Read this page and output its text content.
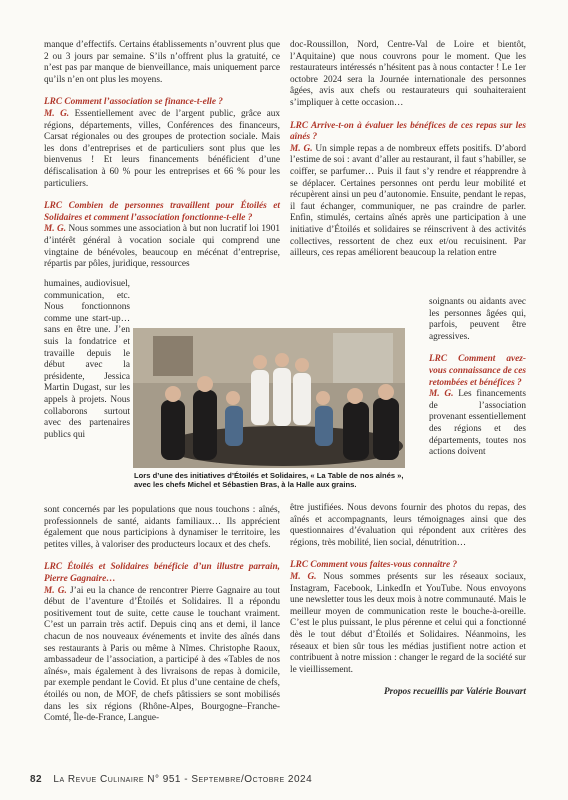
manque d’effectifs. Certains établissements n’ouvrent plus que 2 ou 3 jours par semaine. S’ils n’offrent plus la gratuité, ce n’est pas par manque de bienveillance, mais uniquement parce qu’ils n’en ont plus les moyens.

LRC Comment l’association se finance-t-elle ?
M. G. Essentiellement avec de l’argent public, grâce aux régions, départements, villes, Conférences des financeurs, Carsat régionales ou des groupes de protection sociale. Mais les dons d’entreprises et de particuliers sont plus que les bienvenus ! Et leurs financements bénéficient d’une défiscalisation à 60 % pour les entreprises et 66 % pour les particuliers.

LRC Combien de personnes travaillent pour Étoilés et Solidaires et comment l’association fonctionne-t-elle ?
M. G. Nous sommes une association à but non lucratif loi 1901 d’intérêt général à vocation sociale qui comprend une vingtaine de bénévoles, beaucoup en mécénat d’entreprise, répartis par pôles, juridique, ressources

humaines, audiovisuel, communication, etc. Nous fonctionnons comme une start-up… sans en être une. J’en suis la fondatrice et travaille depuis le début avec la présidente, Jessica Martin Dugast, sur les appels à projets. Nous collaborons surtout avec des partenaires publics qui

Lors d’une des initiatives d’Étoilés et Solidaires, « La Table de nos aînés », avec les chefs Michel et Sébastien Bras, à la Halle aux grains.

sont concernés par les populations que nous touchons : aînés, professionnels de santé, aidants familiaux… Ils apprécient également que nous participions à dynamiser le territoire, les petites villes, à valoriser des producteurs locaux et des chefs.

LRC Étoilés et Solidaires bénéficie d’un illustre parrain, Pierre Gagnaire…
M. G. J’ai eu la chance de rencontrer Pierre Gagnaire au tout début de l’aventure d’Étoilés et Solidaires. Il a répondu positivement tout de suite, cette cause le touchant vraiment. C’est un parrain très actif. Depuis cinq ans et demi, il lance chacun de nos nouveaux événements et invite des aînés dans ses restaurants à Paris ou même à Nîmes. Christophe Raoux, ambassadeur de l’association, a participé à des «Tables de nos aînés», mais également à des livraisons de repas à domicile, par exemple pendant le Covid. Et plus d’une centaine de chefs, étoilés ou non, de MOF, de chefs pâtissiers se sont mobilisés dans les six régions (Rhône-Alpes, Bourgogne–Franche-Comté, Île-de-France, Langue-

doc-Roussillon, Nord, Centre-Val de Loire et bientôt, l’Aquitaine) que nous couvrons pour le moment. Que les restaurateurs intéressés n’hésitent pas à nous contacter ! Le 1er octobre 2024 sera la Journée internationale des personnes âgées, avis aux chefs ou restaurateurs qui souhaiteraient s’impliquer à cette occasion…

LRC Arrive-t-on à évaluer les bénéfices de ces repas sur les aînés ?
M. G. Un simple repas a de nombreux effets positifs. D’abord l’estime de soi : avant d’aller au restaurant, il faut s’habiller, se coiffer, se parfumer… Puis il faut s’y rendre et réapprendre à se déplacer. Certaines personnes ont perdu leur mobilité et récupèrent ainsi un peu d’autonomie. Ensuite, pendant le repas, il faut échanger, communiquer, ne pas craindre de parler. Enfin, stimulés, certains aînés après une participation à une initiative d’Étoilés et solidaires se réinscrivent à des activités collectives, ressortent de chez eux et/ou recuisinent. Par ailleurs, ces repas améliorent beaucoup la relation entre

soignants ou aidants avec les personnes âgées qui, parfois, peuvent être agressives.

LRC Comment avez-vous connaissance de ces retombées et bénéfices ?
M. G. Les financements de l’association provenant essentiellement des régions et des départements, toutes nos actions doivent

être justifiées. Nous devons fournir des photos du repas, des aînés et accompagnants, leurs témoignages ainsi que des questionnaires d’évaluation qui répondent aux critères des régions, très mobilité, lien social, dénutrition…

LRC Comment vous faites-vous connaître ?
M. G. Nous sommes présents sur les réseaux sociaux, Instagram, Facebook, LinkedIn et YouTube. Nous envoyons une newsletter tous les deux mois à notre communauté. Mais le meilleur moyen de communication reste le bouche-à-oreille. C’est le plus puissant, le plus pérenne et celui qui a fonctionné dès le tout début d’Étoilés et Solidaires. Néanmoins, les réseaux et bien sûr tous les médias justifient notre action et contribuent à notre mission : changer le regard de la société sur le vieillissement.

Propos recueillis par Valérie Bouvart

82 La Revue Culinaire N° 951 - Septembre/Octobre 2024
